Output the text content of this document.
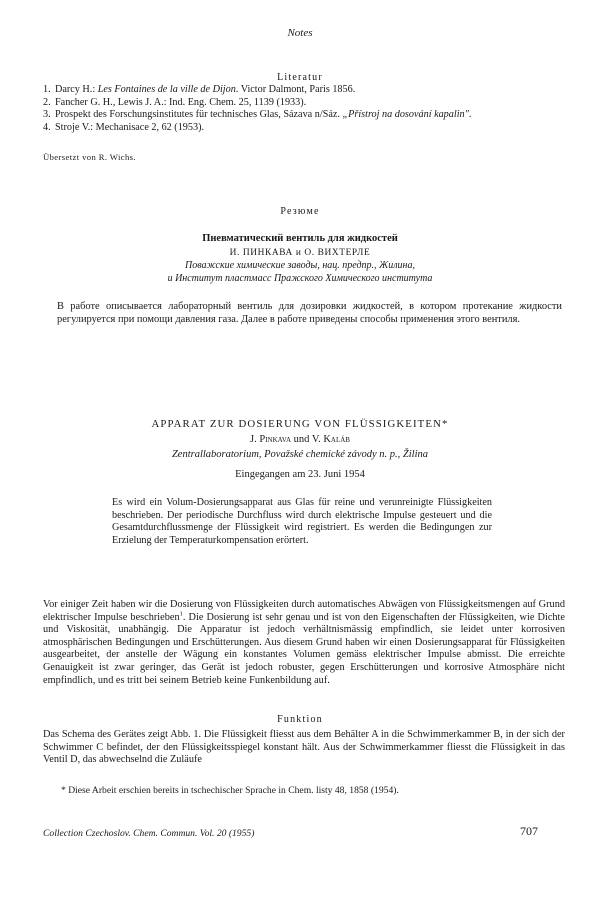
Notes
Literatur
1. Darcy H.: Les Fontaines de la ville de Dijon. Victor Dalmont, Paris 1856.
2. Fancher G. H., Lewis J. A.: Ind. Eng. Chem. 25, 1139 (1933).
3. Prospekt des Forschungsinstitutes für technisches Glas, Sázava n/Sáz. „Přístroj na dosování kapalin".
4. Stroje V.: Mechanisace 2, 62 (1953).
Übersetzt von R. Wichs.
Резюме
Пневматический вентиль для жидкостей
И. ПИНКАВА и О. ВИХТЕРЛЕ
Поважские химические заводы, нац. предпр., Жилина,
и Институт пластмасс Пражского Химического института
В работе описывается лабораторный вентиль для дозировки жидкостей, в котором протекание жидкости регулируется при помощи давления газа. Далее в работе приведены способы применения этого вентиля.
APPARAT ZUR DOSIERUNG VON FLÜSSIGKEITEN*
J. Pinkava und V. Kaláb
Zentrallaboratorium, Považské chemické závody n. p., Žilina
Eingegangen am 23. Juni 1954
Es wird ein Volum-Dosierungsapparat aus Glas für reine und verunreinigte Flüssigkeiten beschrieben. Der periodische Durchfluss wird durch elektrische Impulse gesteuert und die Gesamtdurchflussmenge der Flüssigkeit wird registriert. Es werden die Bedingungen zur Erzielung der Temperaturkompensation erörtert.
Vor einiger Zeit haben wir die Dosierung von Flüssigkeiten durch automatisches Abwägen von Flüssigkeitsmengen auf Grund elektrischer Impulse beschrieben$^1$. Die Dosierung ist sehr genau und ist von den Eigenschaften der Flüssigkeiten, wie Dichte und Viskosität, unabhängig. Die Apparatur ist jedoch verhältnismässig empfindlich, sie leidet unter korrosiven atmosphärischen Bedingungen und Erschütterungen. Aus diesem Grund haben wir einen Dosierungsapparat für Flüssigkeiten ausgearbeitet, der anstelle der Wägung ein konstantes Volumen gemäss elektrischer Impulse abmisst. Die erreichte Genauigkeit ist zwar geringer, das Gerät ist jedoch robuster, gegen Erschütterungen und korrosive Atmosphäre nicht empfindlich, und es tritt bei seinem Betrieb keine Funkenbildung auf.
Funktion
Das Schema des Gerätes zeigt Abb. 1. Die Flüssigkeit fliesst aus dem Behälter A in die Schwimmerkammer B, in der sich der Schwimmer C befindet, der den Flüssigkeitsspiegel konstant hält. Aus der Schwimmerkammer fliesst die Flüssigkeit in das Ventil D, das abwechselnd die Zuläufe
* Diese Arbeit erschien bereits in tschechischer Sprache in Chem. listy 48, 1858 (1954).
Collection Czechoslov. Chem. Commun. Vol. 20 (1955)	707
